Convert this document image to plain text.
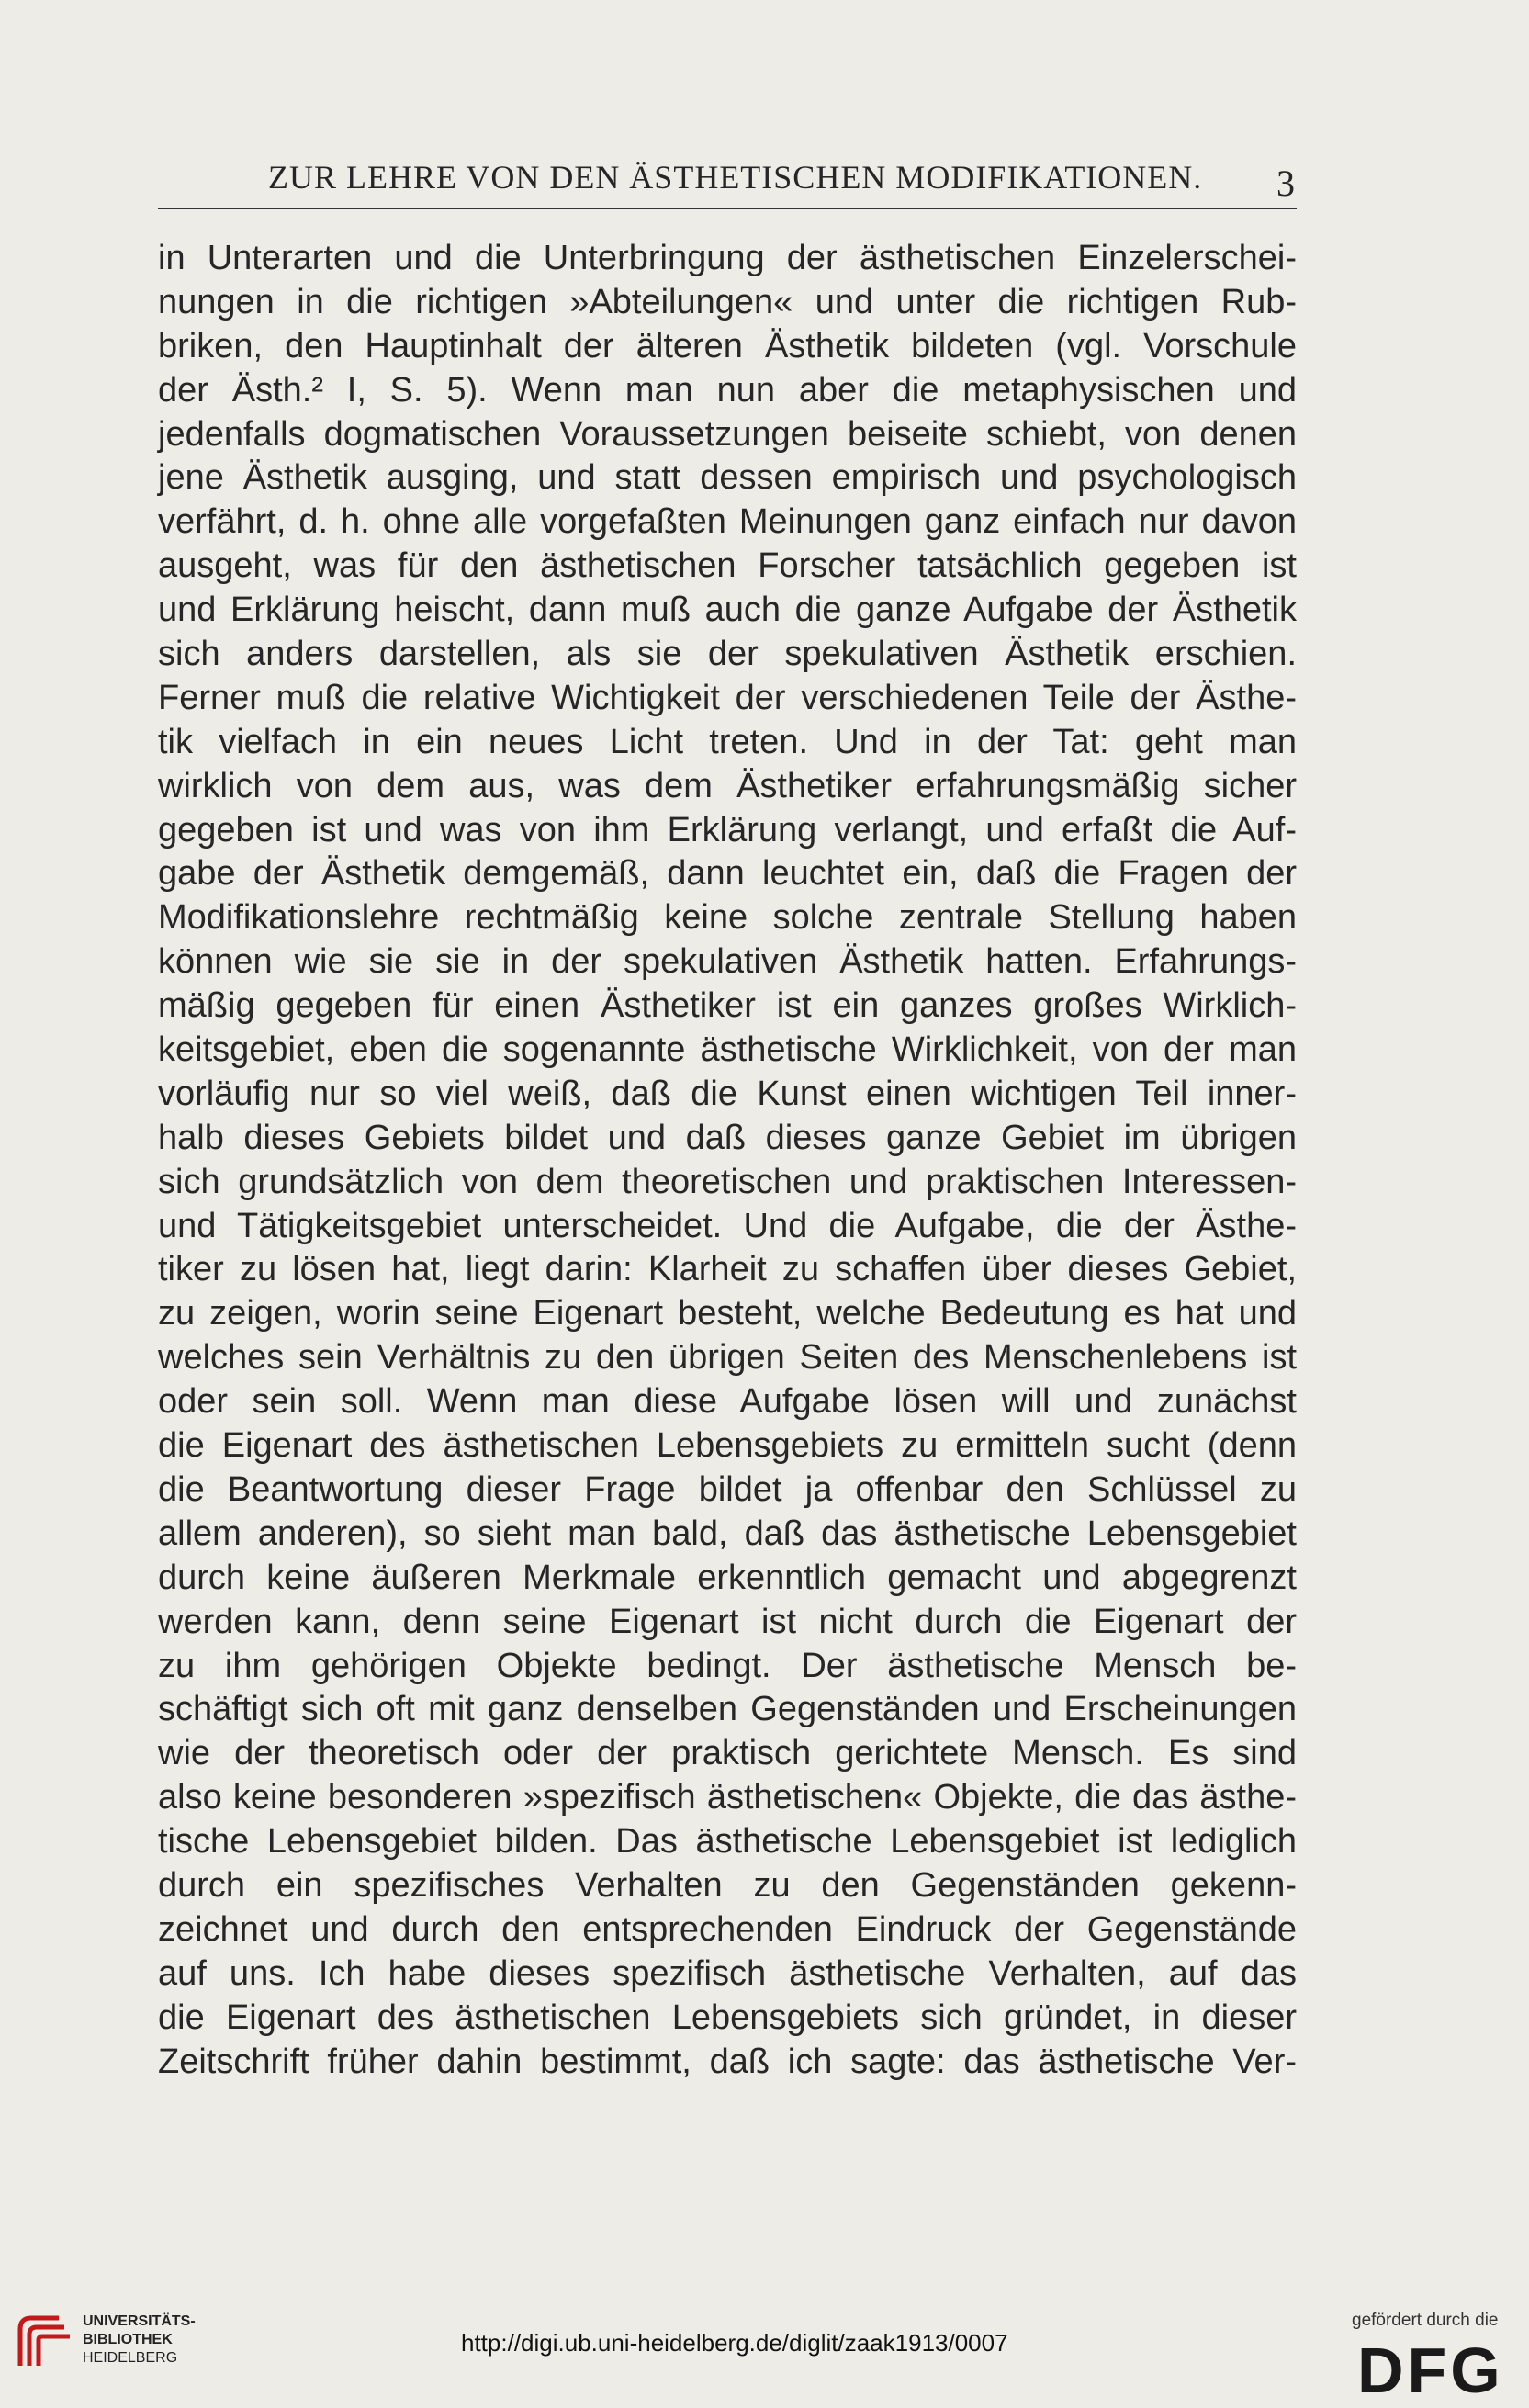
ZUR LEHRE VON DEN ÄSTHETISCHEN MODIFIKATIONEN. 3
in Unterarten und die Unterbringung der ästhetischen Einzelerschei-
nungen in die richtigen »Abteilungen« und unter die richtigen Rub-
briken, den Hauptinhalt der älteren Ästhetik bildeten (vgl. Vorschule
der Ästh.² I, S. 5). Wenn man nun aber die metaphysischen und
jedenfalls dogmatischen Voraussetzungen beiseite schiebt, von denen
jene Ästhetik ausging, und statt dessen empirisch und psychologisch
verfährt, d. h. ohne alle vorgefaßten Meinungen ganz einfach nur davon
ausgeht, was für den ästhetischen Forscher tatsächlich gegeben ist
und Erklärung heischt, dann muß auch die ganze Aufgabe der Ästhetik
sich anders darstellen, als sie der spekulativen Ästhetik erschien.
Ferner muß die relative Wichtigkeit der verschiedenen Teile der Ästhe-
tik vielfach in ein neues Licht treten. Und in der Tat: geht man
wirklich von dem aus, was dem Ästhetiker erfahrungsmäßig sicher
gegeben ist und was von ihm Erklärung verlangt, und erfaßt die Auf-
gabe der Ästhetik demgemäß, dann leuchtet ein, daß die Fragen der
Modifikationslehre rechtmäßig keine solche zentrale Stellung haben
können wie sie sie in der spekulativen Ästhetik hatten. Erfahrungs-
mäßig gegeben für einen Ästhetiker ist ein ganzes großes Wirklich-
keitsgebiet, eben die sogenannte ästhetische Wirklichkeit, von der man
vorläufig nur so viel weiß, daß die Kunst einen wichtigen Teil inner-
halb dieses Gebiets bildet und daß dieses ganze Gebiet im übrigen
sich grundsätzlich von dem theoretischen und praktischen Interessen-
und Tätigkeitsgebiet unterscheidet. Und die Aufgabe, die der Ästhe-
tiker zu lösen hat, liegt darin: Klarheit zu schaffen über dieses Gebiet,
zu zeigen, worin seine Eigenart besteht, welche Bedeutung es hat und
welches sein Verhältnis zu den übrigen Seiten des Menschenlebens ist
oder sein soll. Wenn man diese Aufgabe lösen will und zunächst
die Eigenart des ästhetischen Lebensgebiets zu ermitteln sucht (denn
die Beantwortung dieser Frage bildet ja offenbar den Schlüssel zu
allem anderen), so sieht man bald, daß das ästhetische Lebensgebiet
durch keine äußeren Merkmale erkenntlich gemacht und abgegrenzt
werden kann, denn seine Eigenart ist nicht durch die Eigenart der
zu ihm gehörigen Objekte bedingt. Der ästhetische Mensch be-
schäftigt sich oft mit ganz denselben Gegenständen und Erscheinungen
wie der theoretisch oder der praktisch gerichtete Mensch. Es sind
also keine besonderen »spezifisch ästhetischen« Objekte, die das ästhe-
tische Lebensgebiet bilden. Das ästhetische Lebensgebiet ist lediglich
durch ein spezifisches Verhalten zu den Gegenständen gekenn-
zeichnet und durch den entsprechenden Eindruck der Gegenstände
auf uns. Ich habe dieses spezifisch ästhetische Verhalten, auf das
die Eigenart des ästhetischen Lebensgebiets sich gründet, in dieser
Zeitschrift früher dahin bestimmt, daß ich sagte: das ästhetische Ver-
UNIVERSITÄTS-
BIBLIOTHEK
HEIDELBERG
http://digi.ub.uni-heidelberg.de/diglit/zaak1913/0007
gefördert durch die
DFG
